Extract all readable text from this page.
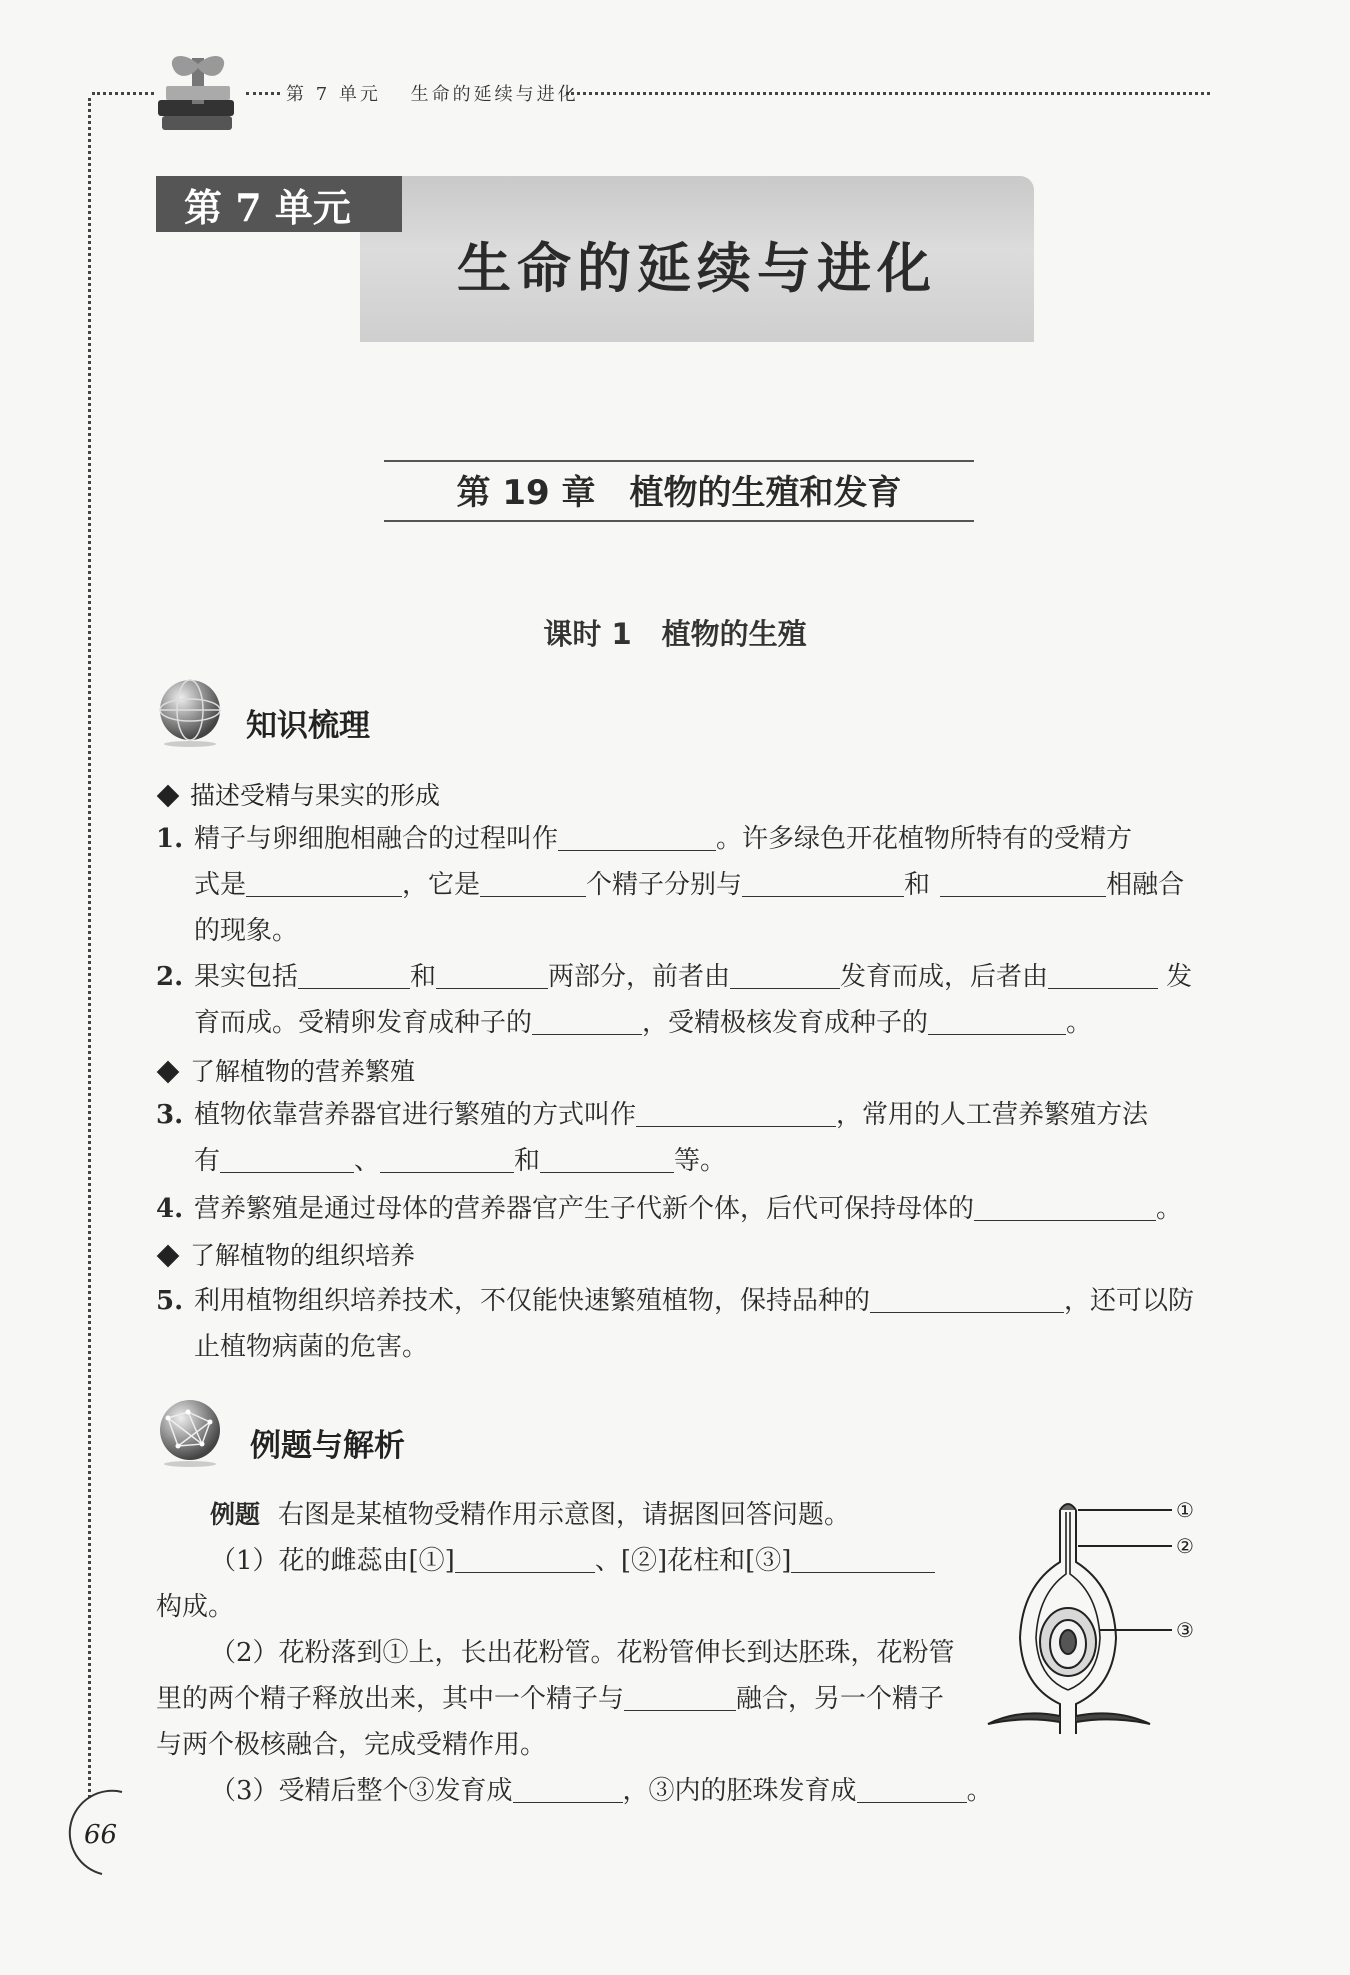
第 7 单元　 生命的延续与进化
第 7 单元
生命的延续与进化
第 19 章 植物的生殖和发育
课时 1 植物的生殖
知识梳理
描述受精与果实的形成
1. 精子与卵细胞相融合的过程叫作	。许多绿色开花植物所特有的受精方
式是	，它是	个精子分别与	和	相融合
的现象。
2. 果实包括	和	两部分，前者由	发育而成，后者由	发
育而成。受精卵发育成种子的	，受精极核发育成种子的	。
了解植物的营养繁殖
3. 植物依靠营养器官进行繁殖的方式叫作	，常用的人工营养繁殖方法
有	、	和	等。
4. 营养繁殖是通过母体的营养器官产生子代新个体，后代可保持母体的	。
了解植物的组织培养
5. 利用植物组织培养技术，不仅能快速繁殖植物，保持品种的	，还可以防
止植物病菌的危害。
例题与解析
例题 右图是某植物受精作用示意图，请据图回答问题。
（1）花的雌蕊由[①]	、[②]花柱和[③]
构成。
（2）花粉落到①上，长出花粉管。花粉管伸长到达胚珠，花粉管
里的两个精子释放出来，其中一个精子与	融合，另一个精子
与两个极核融合，完成受精作用。
（3）受精后整个③发育成	，③内的胚珠发育成	。
①
②
③
66
